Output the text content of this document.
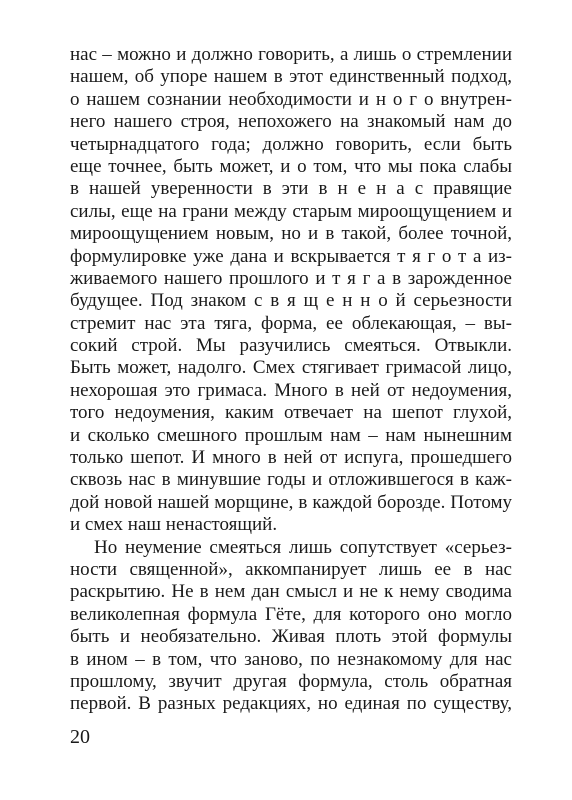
нас – можно и должно говорить, а лишь о стремлении
нашем, об упоре нашем в этот единственный подход,
о нашем сознании необходимости и н о г о внутрен-
него нашего строя, непохожего на знакомый нам до
четырнадцатого года; должно говорить, если быть
еще точнее, быть может, и о том, что мы пока слабы
в нашей уверенности в эти в н е н а с правящие
силы, еще на грани между старым мироощущением и
мироощущением новым, но и в такой, более точной,
формулировке уже дана и вскрывается т я г о т а из-
живаемого нашего прошлого и т я г а в зарожденное
будущее. Под знаком с в я щ е н н о й серьезности
стремит нас эта тяга, форма, ее облекающая, – вы-
сокий строй. Мы разучились смеяться. Отвыкли.
Быть может, надолго. Смех стягивает гримасой лицо,
нехорошая это гримаса. Много в ней от недоумения,
того недоумения, каким отвечает на шепот глухой,
и сколько смешного прошлым нам – нам нынешним
только шепот. И много в ней от испуга, прошедшего
сквозь нас в минувшие годы и отложившегося в каж-
дой новой нашей морщине, в каждой борозде. Потому
и смех наш ненастоящий.
Но неумение смеяться лишь сопутствует «серьез-
ности священной», аккомпанирует лишь ее в нас
раскрытию. Не в нем дан смысл и не к нему сводима
великолепная формула Гёте, для которого оно могло
быть и необязательно. Живая плоть этой формулы
в ином – в том, что заново, по незнакомому для нас
прошлому, звучит другая формула, столь обратная
первой. В разных редакциях, но единая по существу,
20
